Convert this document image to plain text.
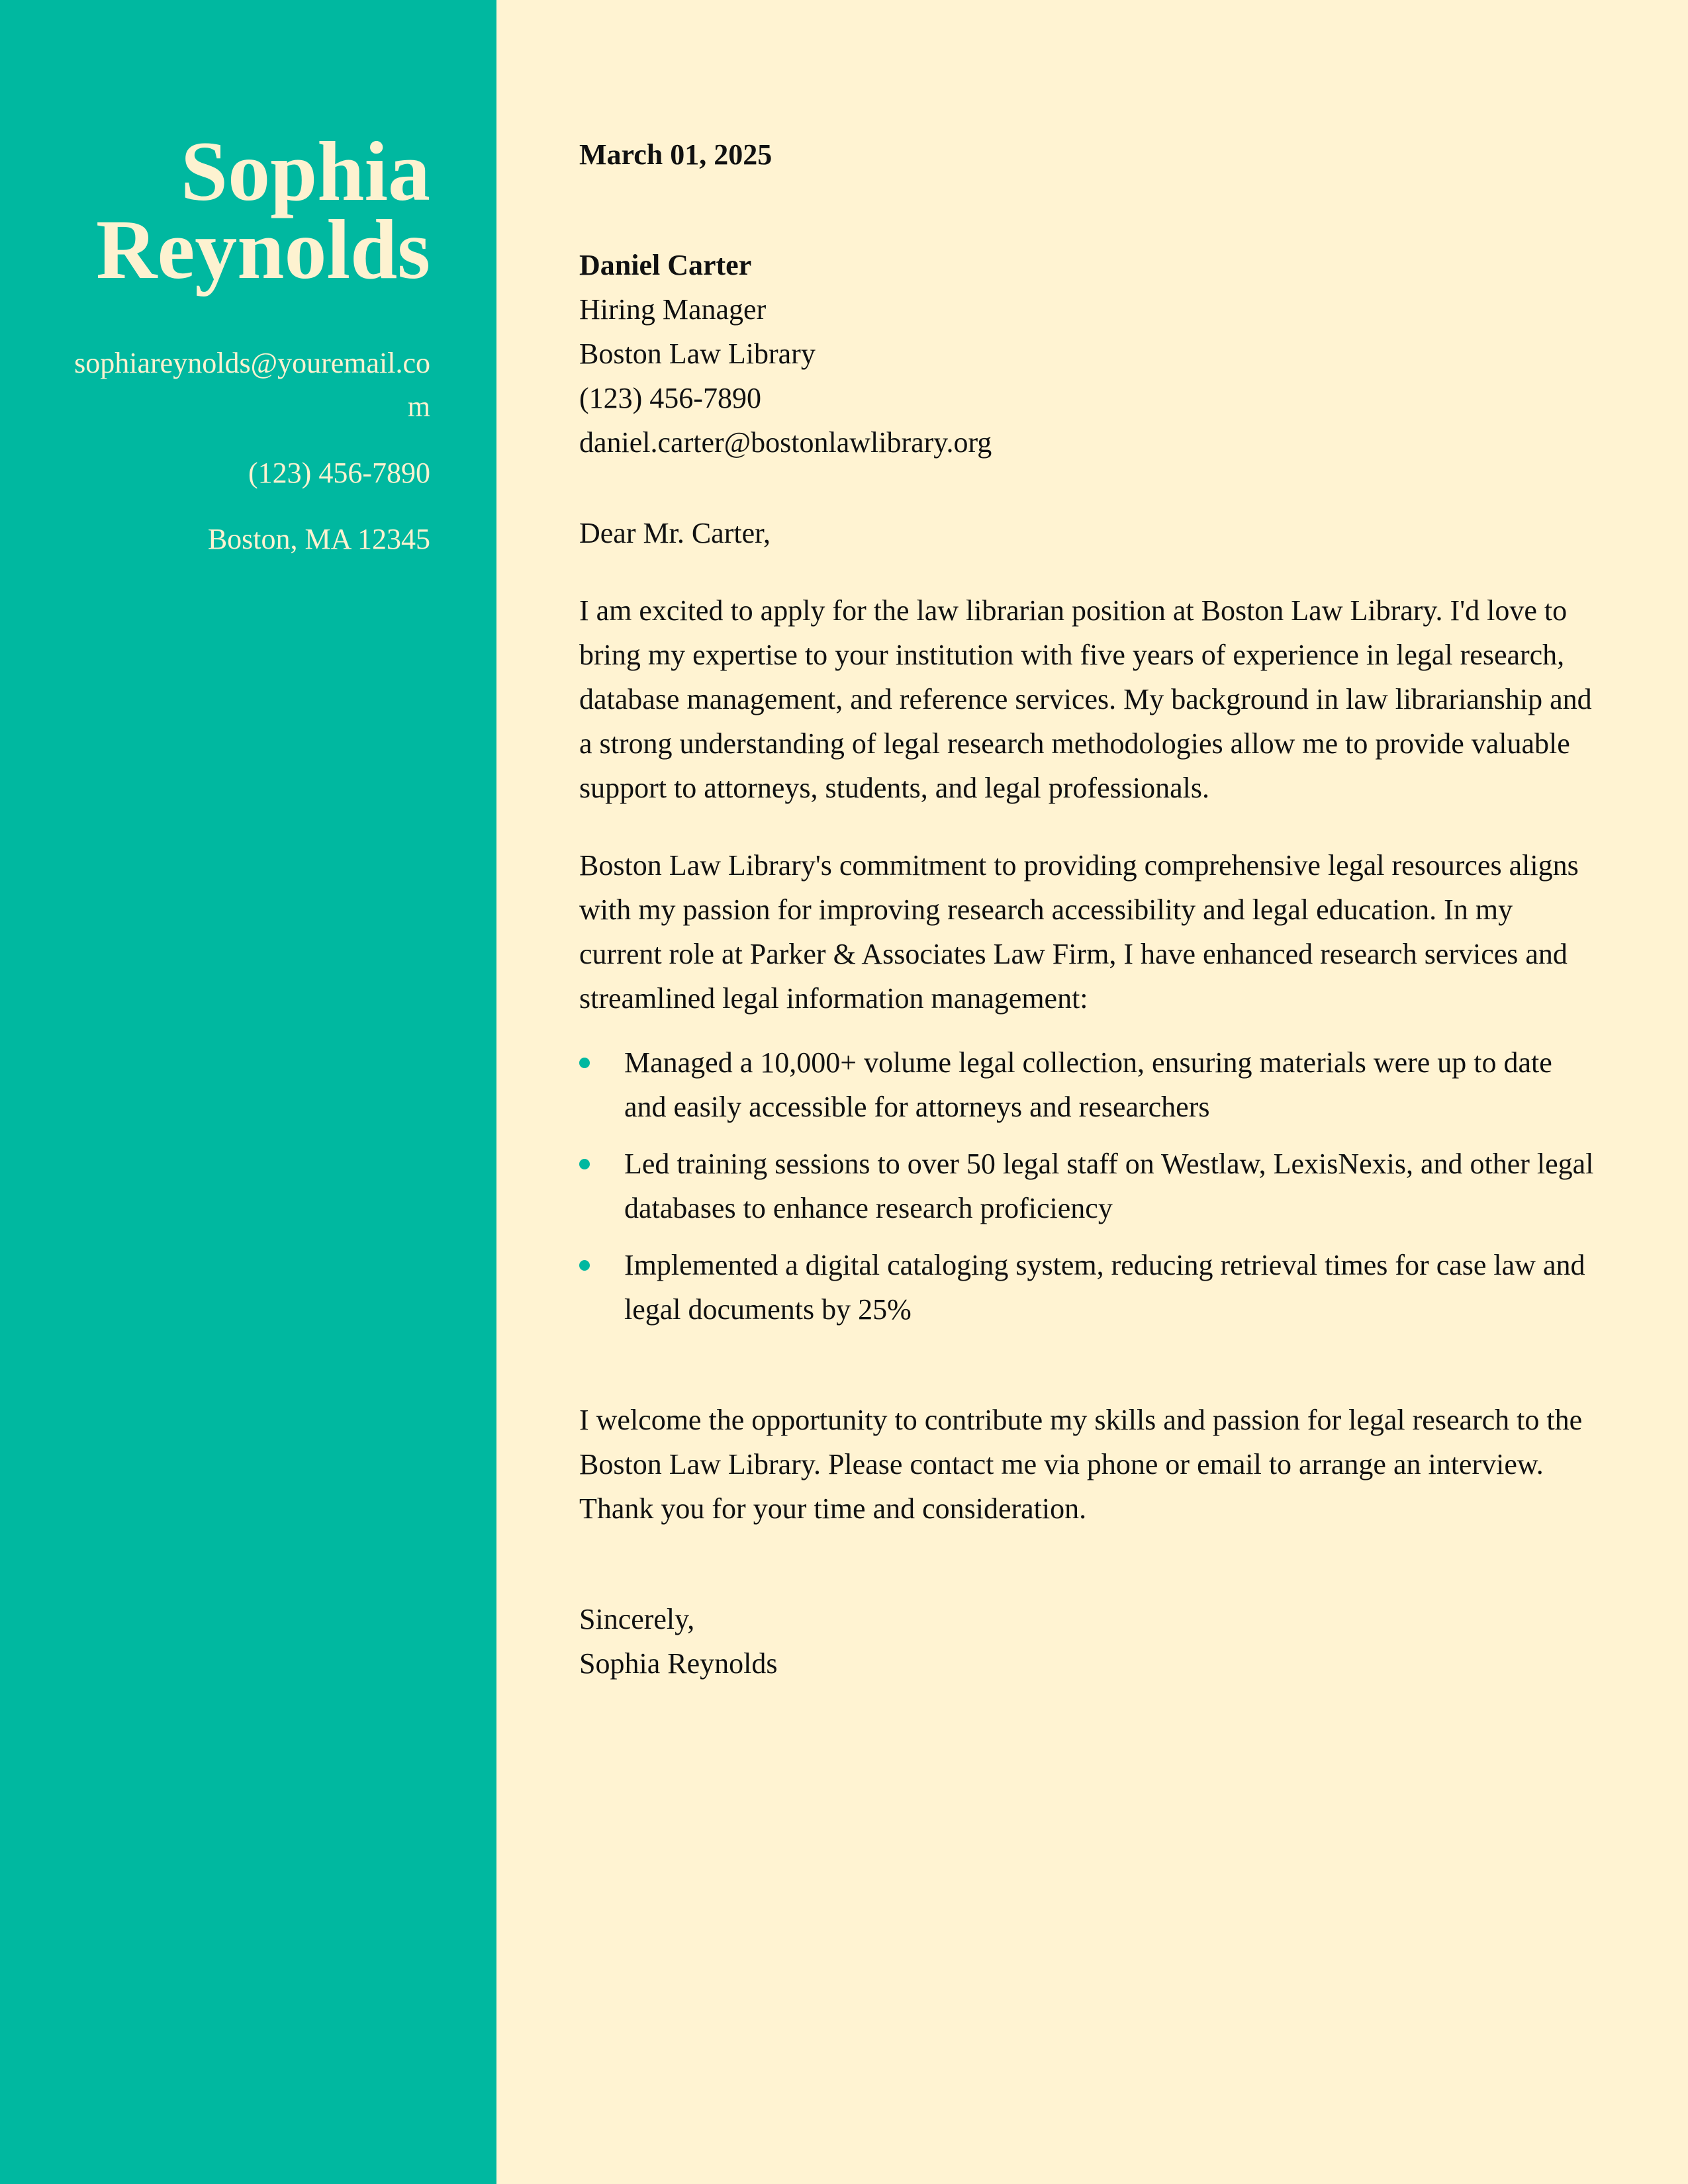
Sophia
Reynolds
sophiareynolds@youremail.com
(123) 456-7890
Boston, MA 12345

March 01, 2025

Daniel Carter
Hiring Manager
Boston Law Library
(123) 456-7890
daniel.carter@bostonlawlibrary.org

Dear Mr. Carter,

I am excited to apply for the law librarian position at Boston Law Library. I'd love to bring my expertise to your institution with five years of experience in legal research, database management, and reference services. My background in law librarianship and a strong understanding of legal research methodologies allow me to provide valuable support to attorneys, students, and legal professionals.

Boston Law Library's commitment to providing comprehensive legal resources aligns with my passion for improving research accessibility and legal education. In my current role at Parker & Associates Law Firm, I have enhanced research services and streamlined legal information management:

Managed a 10,000+ volume legal collection, ensuring materials were up to date and easily accessible for attorneys and researchers
Led training sessions to over 50 legal staff on Westlaw, LexisNexis, and other legal databases to enhance research proficiency
Implemented a digital cataloging system, reducing retrieval times for case law and legal documents by 25%

I welcome the opportunity to contribute my skills and passion for legal research to the Boston Law Library. Please contact me via phone or email to arrange an interview. Thank you for your time and consideration.

Sincerely,
Sophia Reynolds
